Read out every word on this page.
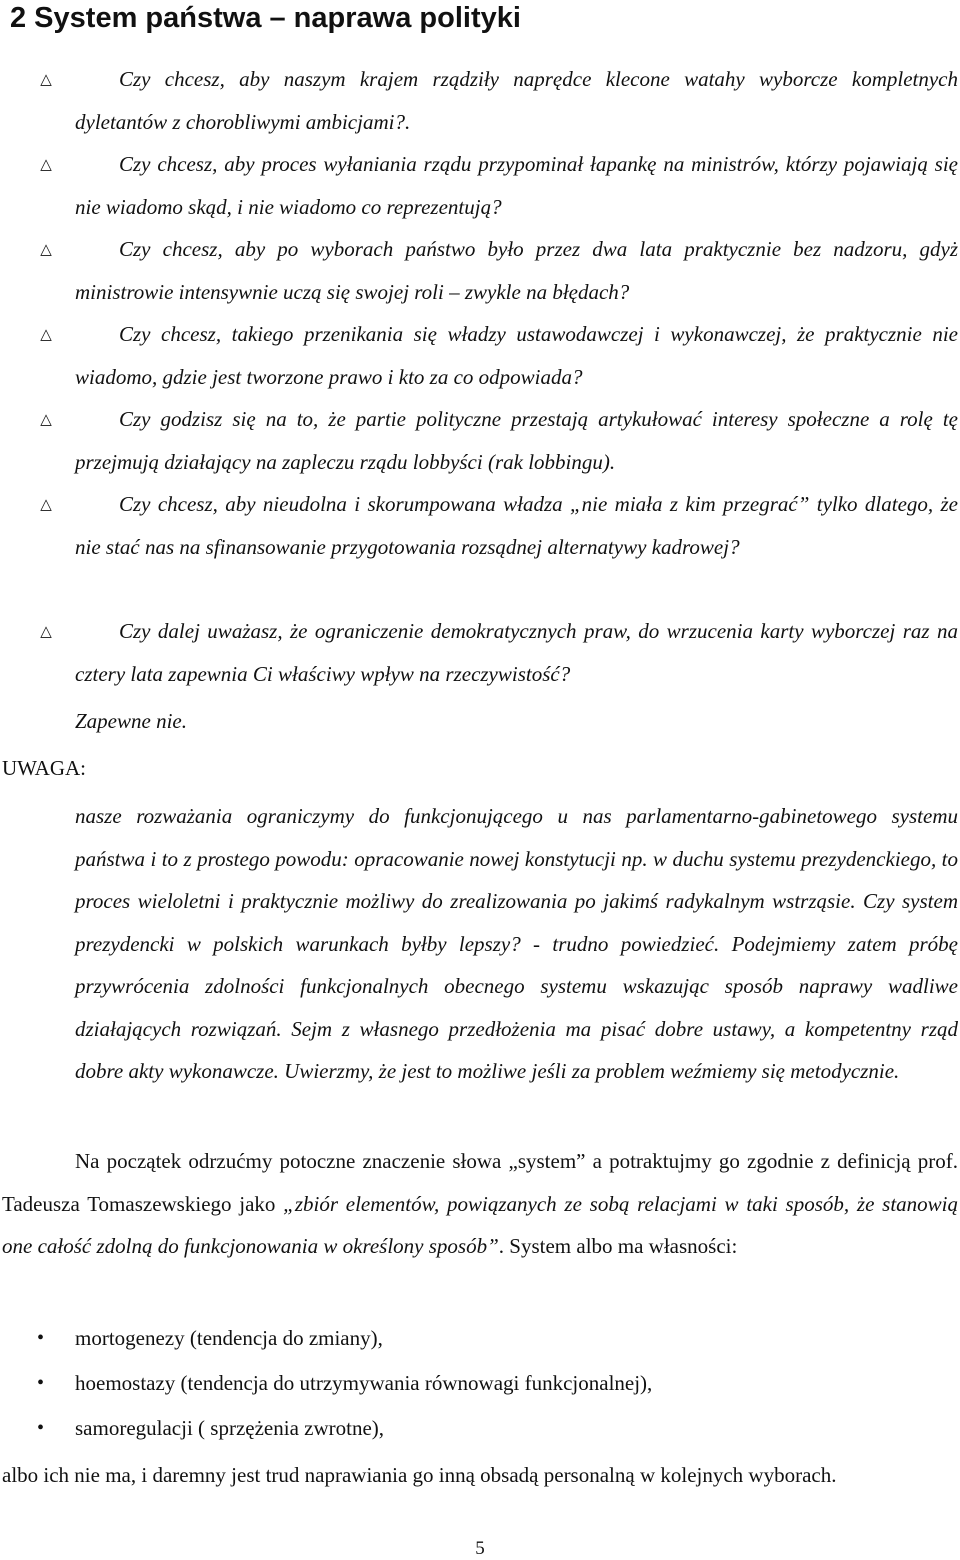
2 System państwa – naprawa polityki
△	Czy chcesz, aby naszym krajem rządziły naprędce klecone watahy wyborcze kompletnych dyletantów z chorobliwymi ambicjami?.
△	Czy chcesz, aby proces wyłaniania rządu przypominał łapankę na ministrów, którzy pojawiają się nie wiadomo skąd, i nie wiadomo co reprezentują?
△	Czy chcesz, aby po wyborach państwo było przez dwa lata praktycznie bez nadzoru, gdyż ministrowie intensywnie uczą się swojej roli – zwykle na błędach?
△	Czy chcesz, takiego przenikania się władzy ustawodawczej i wykonawczej, że praktycznie nie wiadomo, gdzie jest tworzone prawo i kto za co odpowiada?
△	Czy godzisz się na to, że partie polityczne przestają artykułować interesy społeczne a rolę tę przejmują działający na zapleczu rządu lobbyści (rak lobbingu).
△	Czy chcesz, aby nieudolna i skorumpowana władza „nie miała z kim przegrać” tylko dlatego, że nie stać nas na sfinansowanie przygotowania rozsądnej alternatywy kadrowej?
△	Czy dalej uważasz, że ograniczenie demokratycznych praw, do wrzucenia karty wyborczej raz na cztery lata zapewnia Ci właściwy wpływ na rzeczywistość?
Zapewne nie.
UWAGA:
nasze rozważania ograniczymy do funkcjonującego u nas parlamentarno-gabinetowego systemu państwa i to z prostego powodu: opracowanie nowej konstytucji np. w duchu systemu prezydenckiego, to proces wieloletni i praktycznie możliwy do zrealizowania po jakimś radykalnym wstrząsie. Czy system prezydencki w polskich warunkach byłby lepszy? - trudno powiedzieć. Podejmiemy zatem próbę przywrócenia zdolności funkcjonalnych obecnego systemu wskazując sposób naprawy wadliwe działających rozwiązań. Sejm z własnego przedłożenia ma pisać dobre ustawy, a kompetentny rząd dobre akty wykonawcze. Uwierzmy, że jest to możliwe jeśli za problem weźmiemy się metodycznie.
Na początek odrzućmy potoczne znaczenie słowa „system” a potraktujmy go zgodnie z definicją prof. Tadeusza Tomaszewskiego jako „zbiór elementów, powiązanych ze sobą relacjami w taki sposób, że stanowią one całość zdolną do funkcjonowania w określony sposób”. System albo ma własności:
• mortogenezy (tendencja do zmiany),
• hoemostazy (tendencja do utrzymywania równowagi funkcjonalnej),
• samoregulacji ( sprzężenia zwrotne),
albo ich nie ma, i daremny jest trud naprawiania go inną obsadą personalną w kolejnych wyborach.
5
